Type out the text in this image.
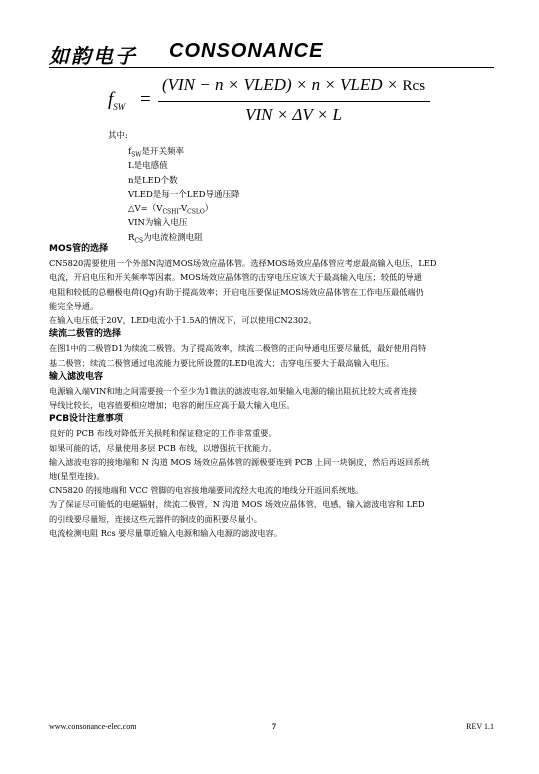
如韵电子 CONSONANCE
$f_{SW}$ =
(VIN − n × VLED) × n × VLED × Rcs
VIN × ΔV × L
其中:
$f_{SW}$是开关频率
L是电感值
n是LED个数
VLED是每一个LED导通压降
$\triangle V=(V_{CSHI}-V_{CSLO})$
VIN为输入电压
$R_{CS}$为电流检测电阻
MOS管的选择
CN5820需要使用一个外部N沟道MOS场效应晶体管。选择MOS场效应晶体管应考虑最高输入电压，LED
电流，开启电压和开关频率等因素。MOS场效应晶体管的击穿电压应该大于最高输入电压；较低的导通
电阻和较低的总栅极电荷(Qg)有助于提高效率；开启电压要保证MOS场效应晶体管在工作电压最低端仍
能完全导通。
在输入电压低于20V，LED电流小于1.5A的情况下，可以使用CN2302。
续流二极管的选择
在图1中的二极管D1为续流二极管。为了提高效率，续流二极管的正向导通电压要尽量低，最好使用肖特
基二极管；续流二极管通过电流能力要比所设置的LED电流大；击穿电压要大于最高输入电压。
输入滤波电容
电源输入端VIN和地之间需要接一个至少为1微法的滤波电容,如果输入电源的输出阻抗比较大或者连接
导线比较长，电容值要相应增加；电容的耐压应高于最大输入电压。
PCB设计注意事项
良好的 PCB 布线对降低开关损耗和保证稳定的工作非常重要。
如果可能的话，尽量使用多层 PCB 布线，以增强抗干扰能力。
输入滤波电容的接地端和 N 沟道 MOS 场效应晶体管的源极要连到 PCB 上同一块铜皮，然后再返回系统
地(星型连接)。
CN5820 的接地端和 VCC 管脚的电容接地端要同流经大电流的地线分开返回系统地。
为了保证尽可能低的电磁辐射，续流二极管，N 沟道 MOS 场效应晶体管，电感，输入滤波电容和 LED
的引线要尽量短，连接这些元器件的铜皮的面积要尽量小。
电流检测电阻 Rcs 要尽量靠近输入电源和输入电源的滤波电容。
www.consonance-elec.com	7	REV 1.1
